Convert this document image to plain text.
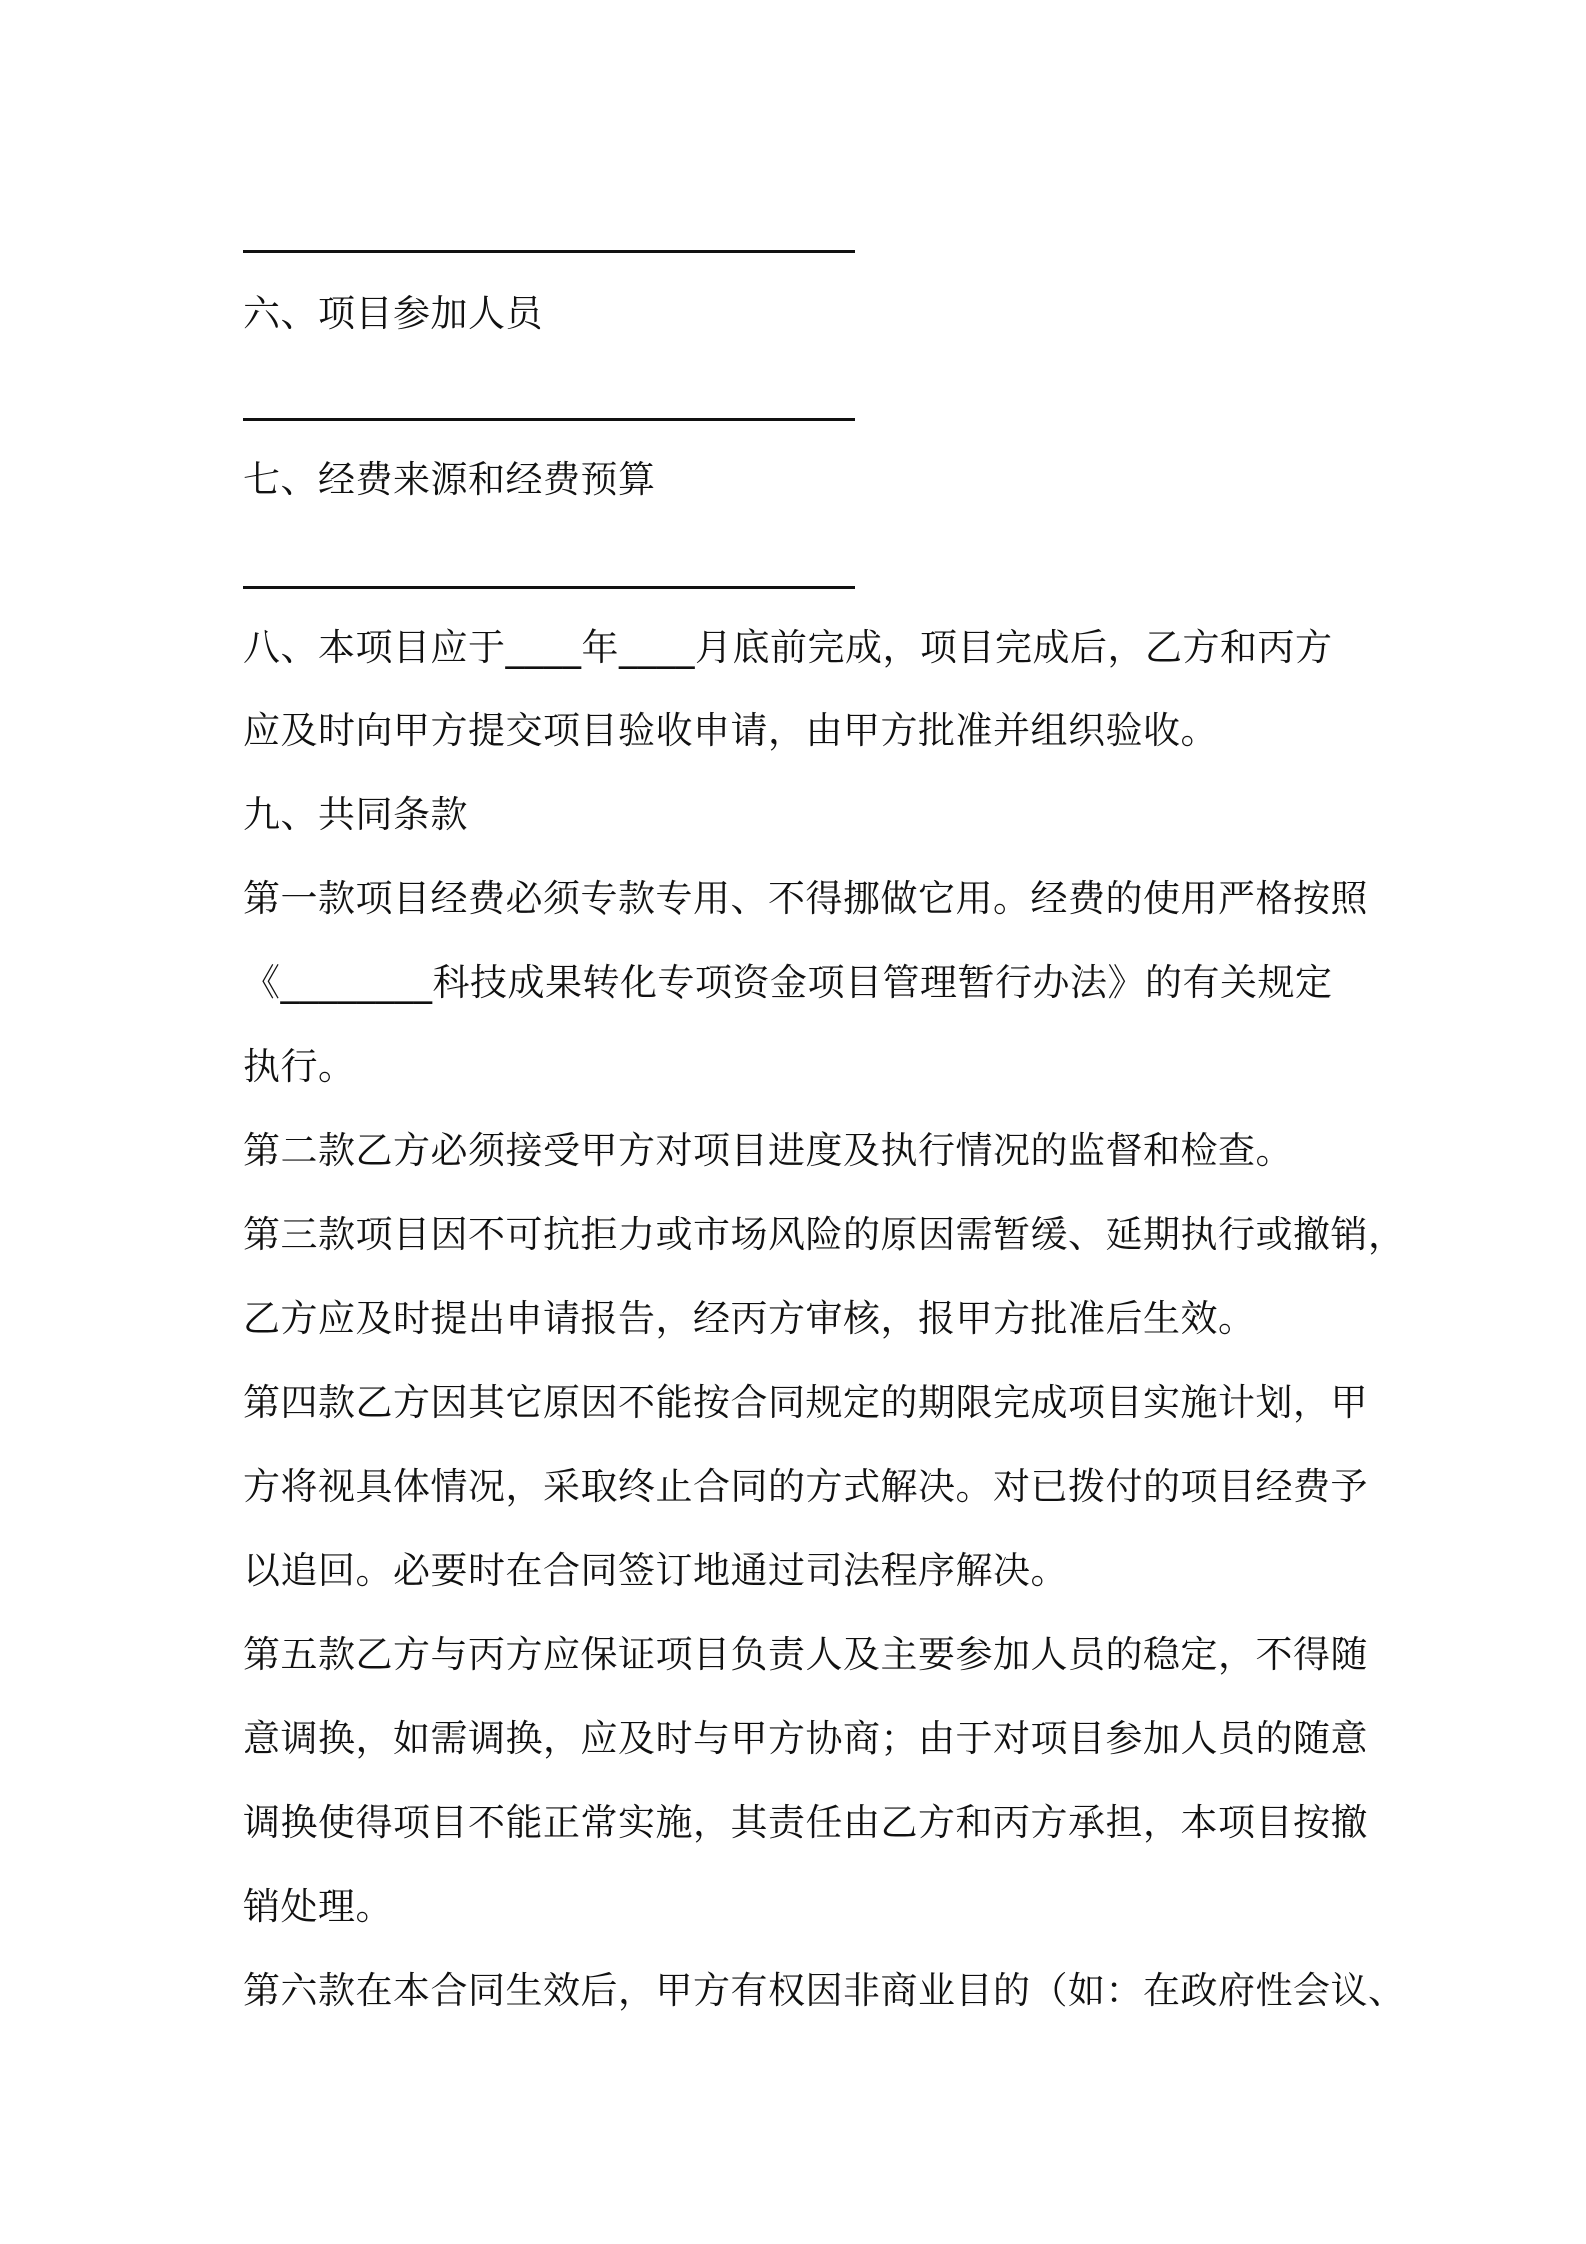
六、项目参加人员

七、经费来源和经费预算

八、本项目应于____年____月底前完成，项目完成后，乙方和丙方

应及时向甲方提交项目验收申请，由甲方批准并组织验收。

九、共同条款

第一款项目经费必须专款专用、不得挪做它用。经费的使用严格按照

《________科技成果转化专项资金项目管理暂行办法》的有关规定

执行。

第二款乙方必须接受甲方对项目进度及执行情况的监督和检查。

第三款项目因不可抗拒力或市场风险的原因需暂缓、延期执行或撤销，

乙方应及时提出申请报告，经丙方审核，报甲方批准后生效。

第四款乙方因其它原因不能按合同规定的期限完成项目实施计划，甲

方将视具体情况，采取终止合同的方式解决。对已拨付的项目经费予

以追回。必要时在合同签订地通过司法程序解决。

第五款乙方与丙方应保证项目负责人及主要参加人员的稳定，不得随

意调换，如需调换，应及时与甲方协商；由于对项目参加人员的随意

调换使得项目不能正常实施，其责任由乙方和丙方承担，本项目按撤

销处理。

第六款在本合同生效后，甲方有权因非商业目的（如：在政府性会议、
